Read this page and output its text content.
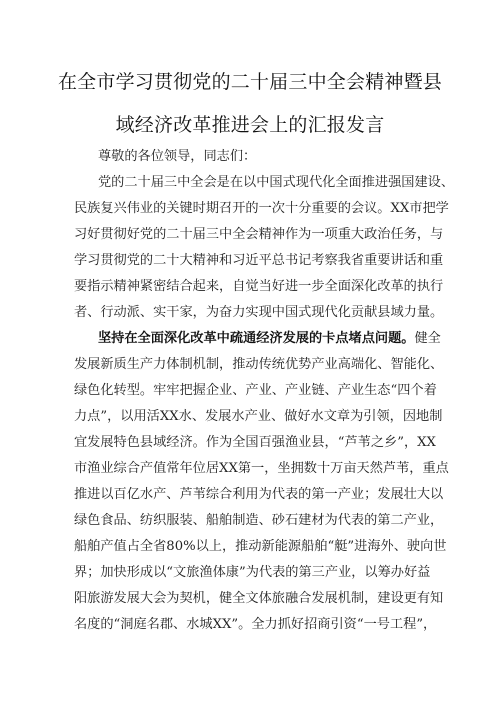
在全市学习贯彻党的二十届三中全会精神暨县
域经济改革推进会上的汇报发言
尊敬的各位领导，同志们：
党的二十届三中全会是在以中国式现代化全面推进强国建设、
民族复兴伟业的关键时期召开的一次十分重要的会议。XX市把学
习好贯彻好党的二十届三中全会精神作为一项重大政治任务，与
学习贯彻党的二十大精神和习近平总书记考察我省重要讲话和重
要指示精神紧密结合起来，自觉当好进一步全面深化改革的执行
者、行动派、实干家，为奋力实现中国式现代化贡献县域力量。
坚持在全面深化改革中疏通经济发展的卡点堵点问题。健全
发展新质生产力体制机制，推动传统优势产业高端化、智能化、
绿色化转型。牢牢把握企业、产业、产业链、产业生态“四个着
力点”，以用活XX水、发展水产业、做好水文章为引领，因地制
宜发展特色县域经济。作为全国百强渔业县，“芦苇之乡”，XX
市渔业综合产值常年位居XX第一，坐拥数十万亩天然芦苇，重点
推进以百亿水产、芦苇综合利用为代表的第一产业；发展壮大以
绿色食品、纺织服装、船舶制造、砂石建材为代表的第二产业，
船舶产值占全省80%以上，推动新能源船舶“艇”进海外、驶向世
界；加快形成以“文旅渔体康”为代表的第三产业，以筹办好益
阳旅游发展大会为契机，健全文体旅融合发展机制，建设更有知
名度的“洞庭名郡、水城XX”。全力抓好招商引资“一号工程”，
